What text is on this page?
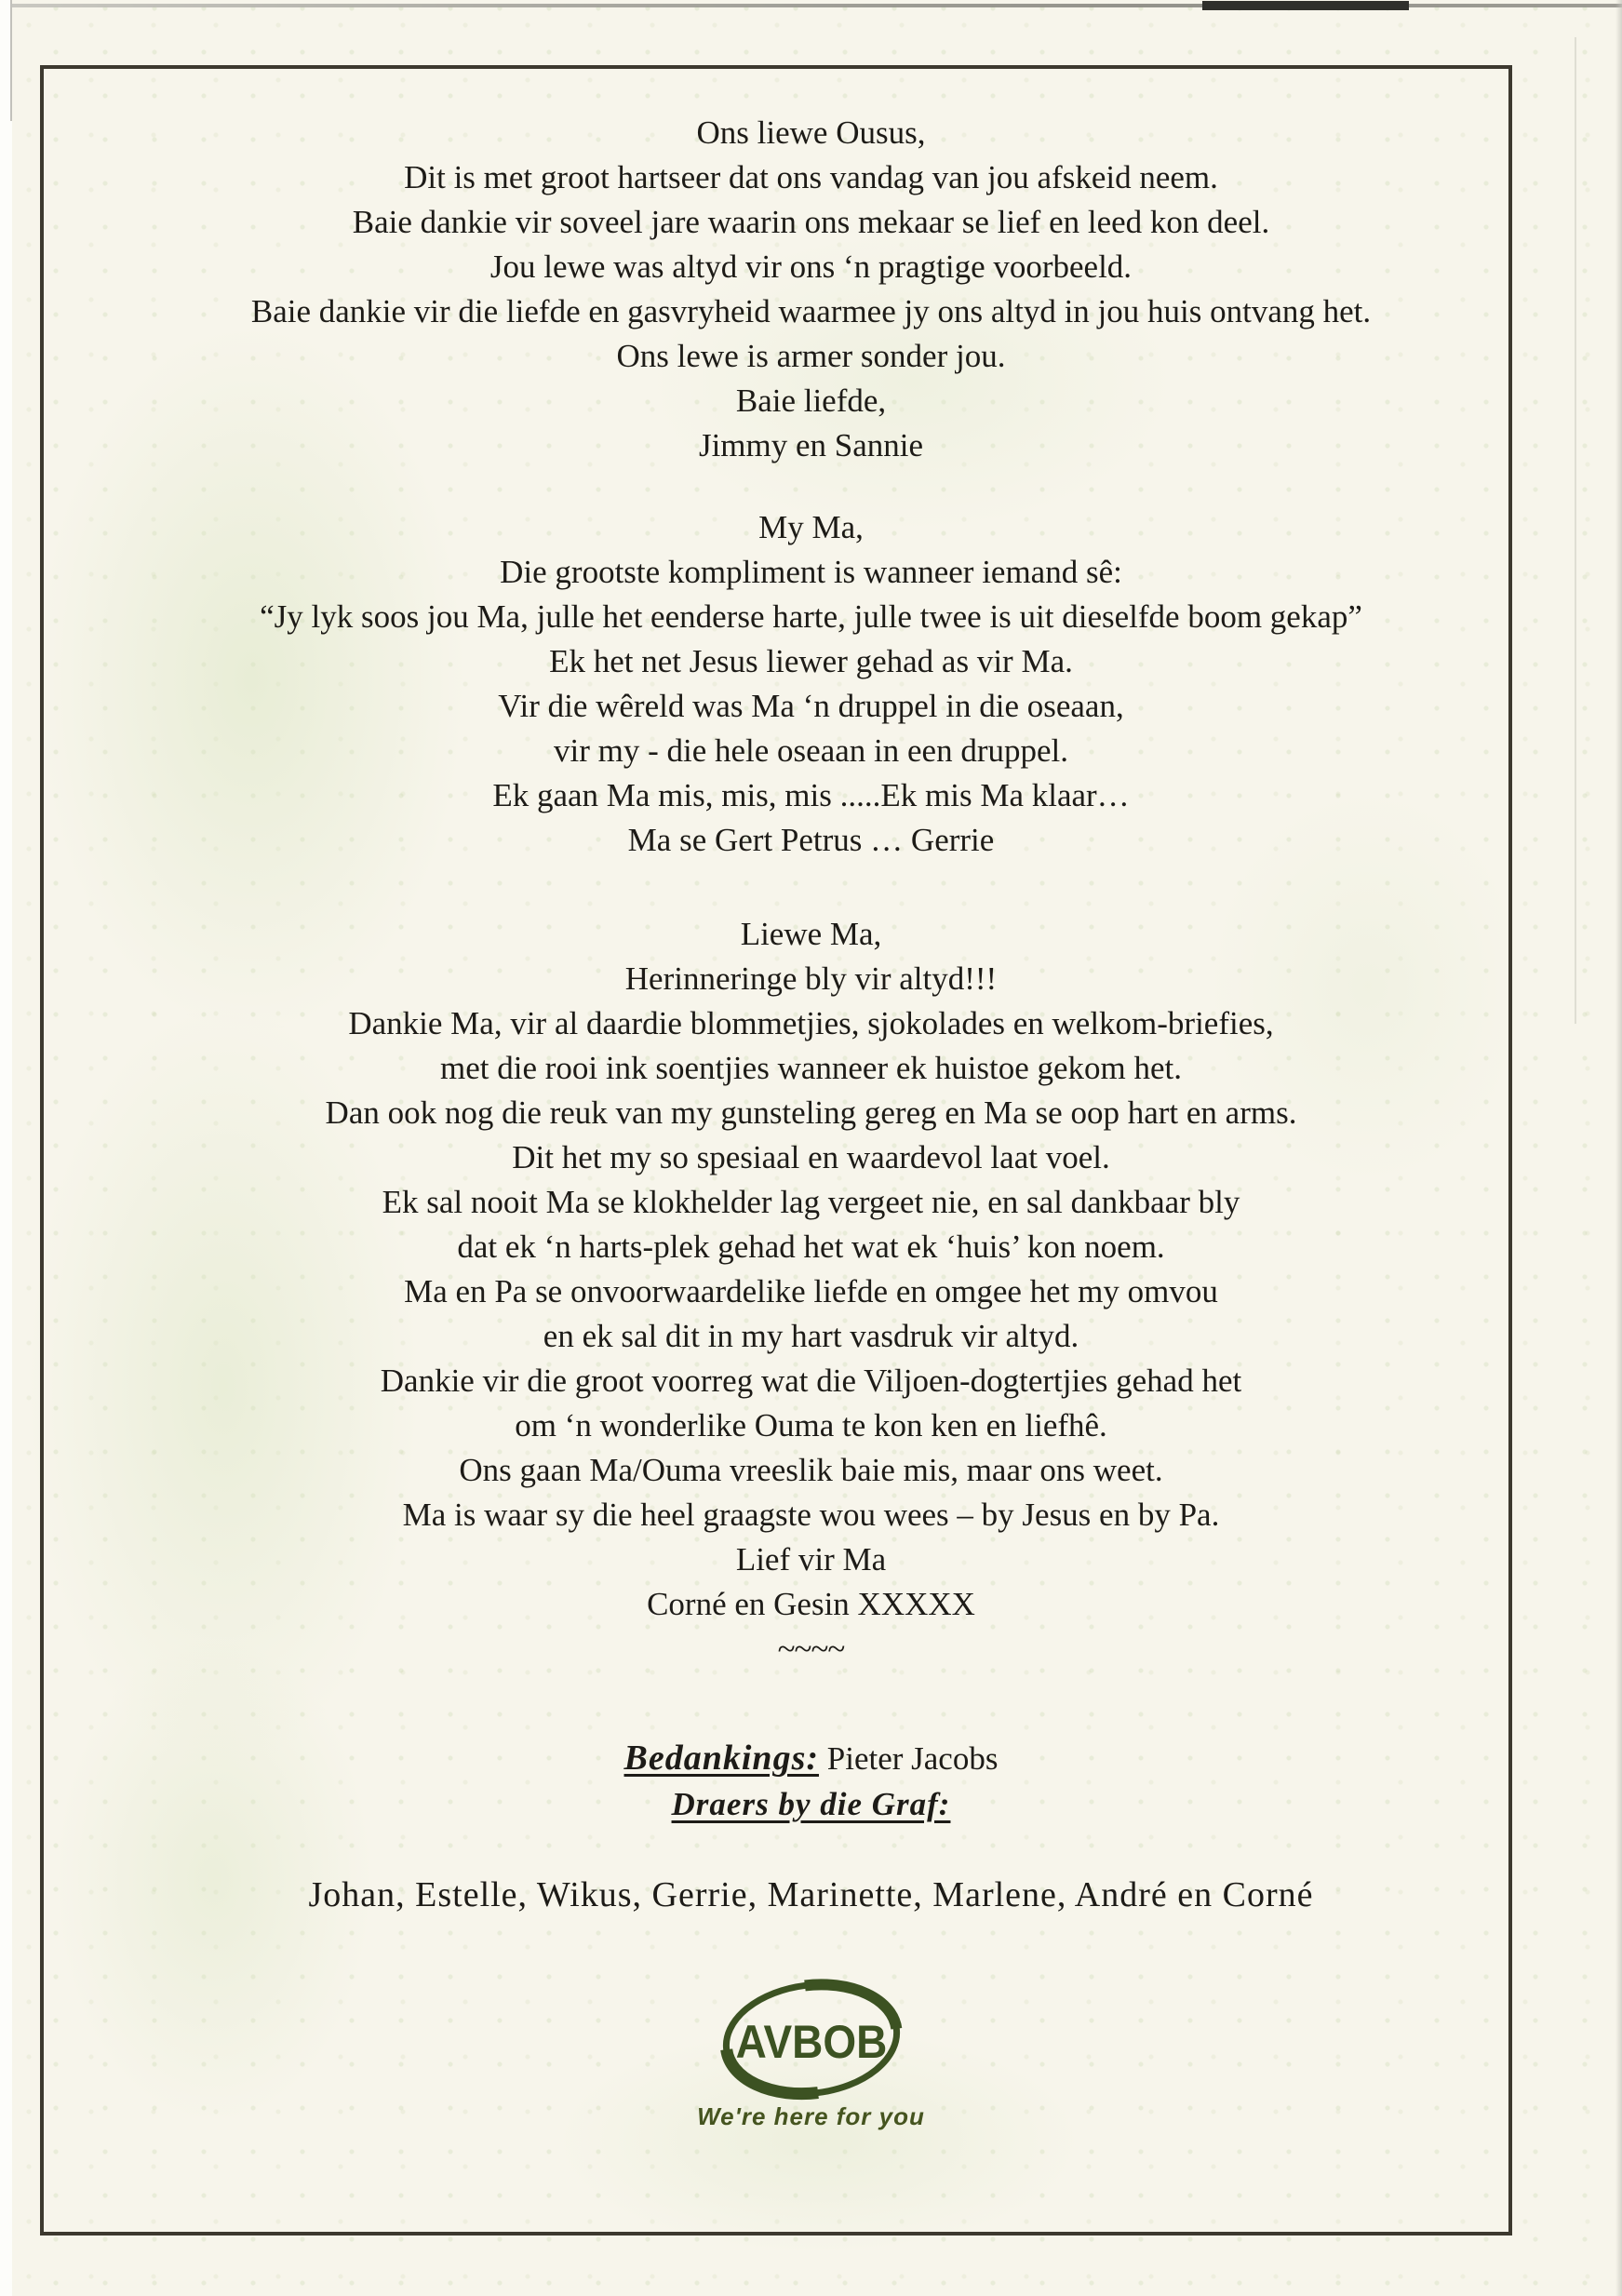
Ons liewe Ousus,

Dit is met groot hartseer dat ons vandag van jou afskeid neem.

Baie dankie vir soveel jare waarin ons mekaar se lief en leed kon deel.

Jou lewe was altyd vir ons ‘n pragtige voorbeeld.

Baie dankie vir die liefde en gasvryheid waarmee jy ons altyd in jou huis ontvang het.

Ons lewe is armer sonder jou.

Baie liefde,

Jimmy en Sannie

My Ma,

Die grootste kompliment is wanneer iemand sê:

“Jy lyk soos jou Ma, julle het eenderse harte, julle twee is uit dieselfde boom gekap”

Ek het net Jesus liewer gehad as vir Ma.

Vir die wêreld was Ma ‘n druppel in die oseaan,

vir my - die hele oseaan in een druppel.

Ek gaan Ma mis, mis, mis .....Ek mis Ma klaar…

Ma se Gert Petrus … Gerrie

Liewe Ma,

Herinneringe bly vir altyd!!!

Dankie Ma, vir al daardie blommetjies, sjokolades en welkom-briefies,

met die rooi ink soentjies wanneer ek huistoe gekom het.

Dan ook nog die reuk van my gunsteling gereg en Ma se oop hart en arms.

Dit het my so spesiaal en waardevol laat voel.

Ek sal nooit Ma se klokhelder lag vergeet nie, en sal dankbaar bly

dat ek ‘n harts-plek gehad het wat ek ‘huis’ kon noem.

Ma en Pa se onvoorwaardelike liefde en omgee het my omvou

en ek sal dit in my hart vasdruk vir altyd.

Dankie vir die groot voorreg wat die Viljoen-dogtertjies gehad het

om ‘n wonderlike Ouma te kon ken en liefhê.

Ons gaan Ma/Ouma vreeslik baie mis, maar ons weet.

Ma is waar sy die heel graagste wou wees – by Jesus en by Pa.

Lief vir Ma

Corné en Gesin XXXXX

~~~~

Bedankings: Pieter Jacobs

Draers by die Graf:

Johan, Estelle, Wikus, Gerrie, Marinette, Marlene, André en Corné

AVBOB
We're here for you
